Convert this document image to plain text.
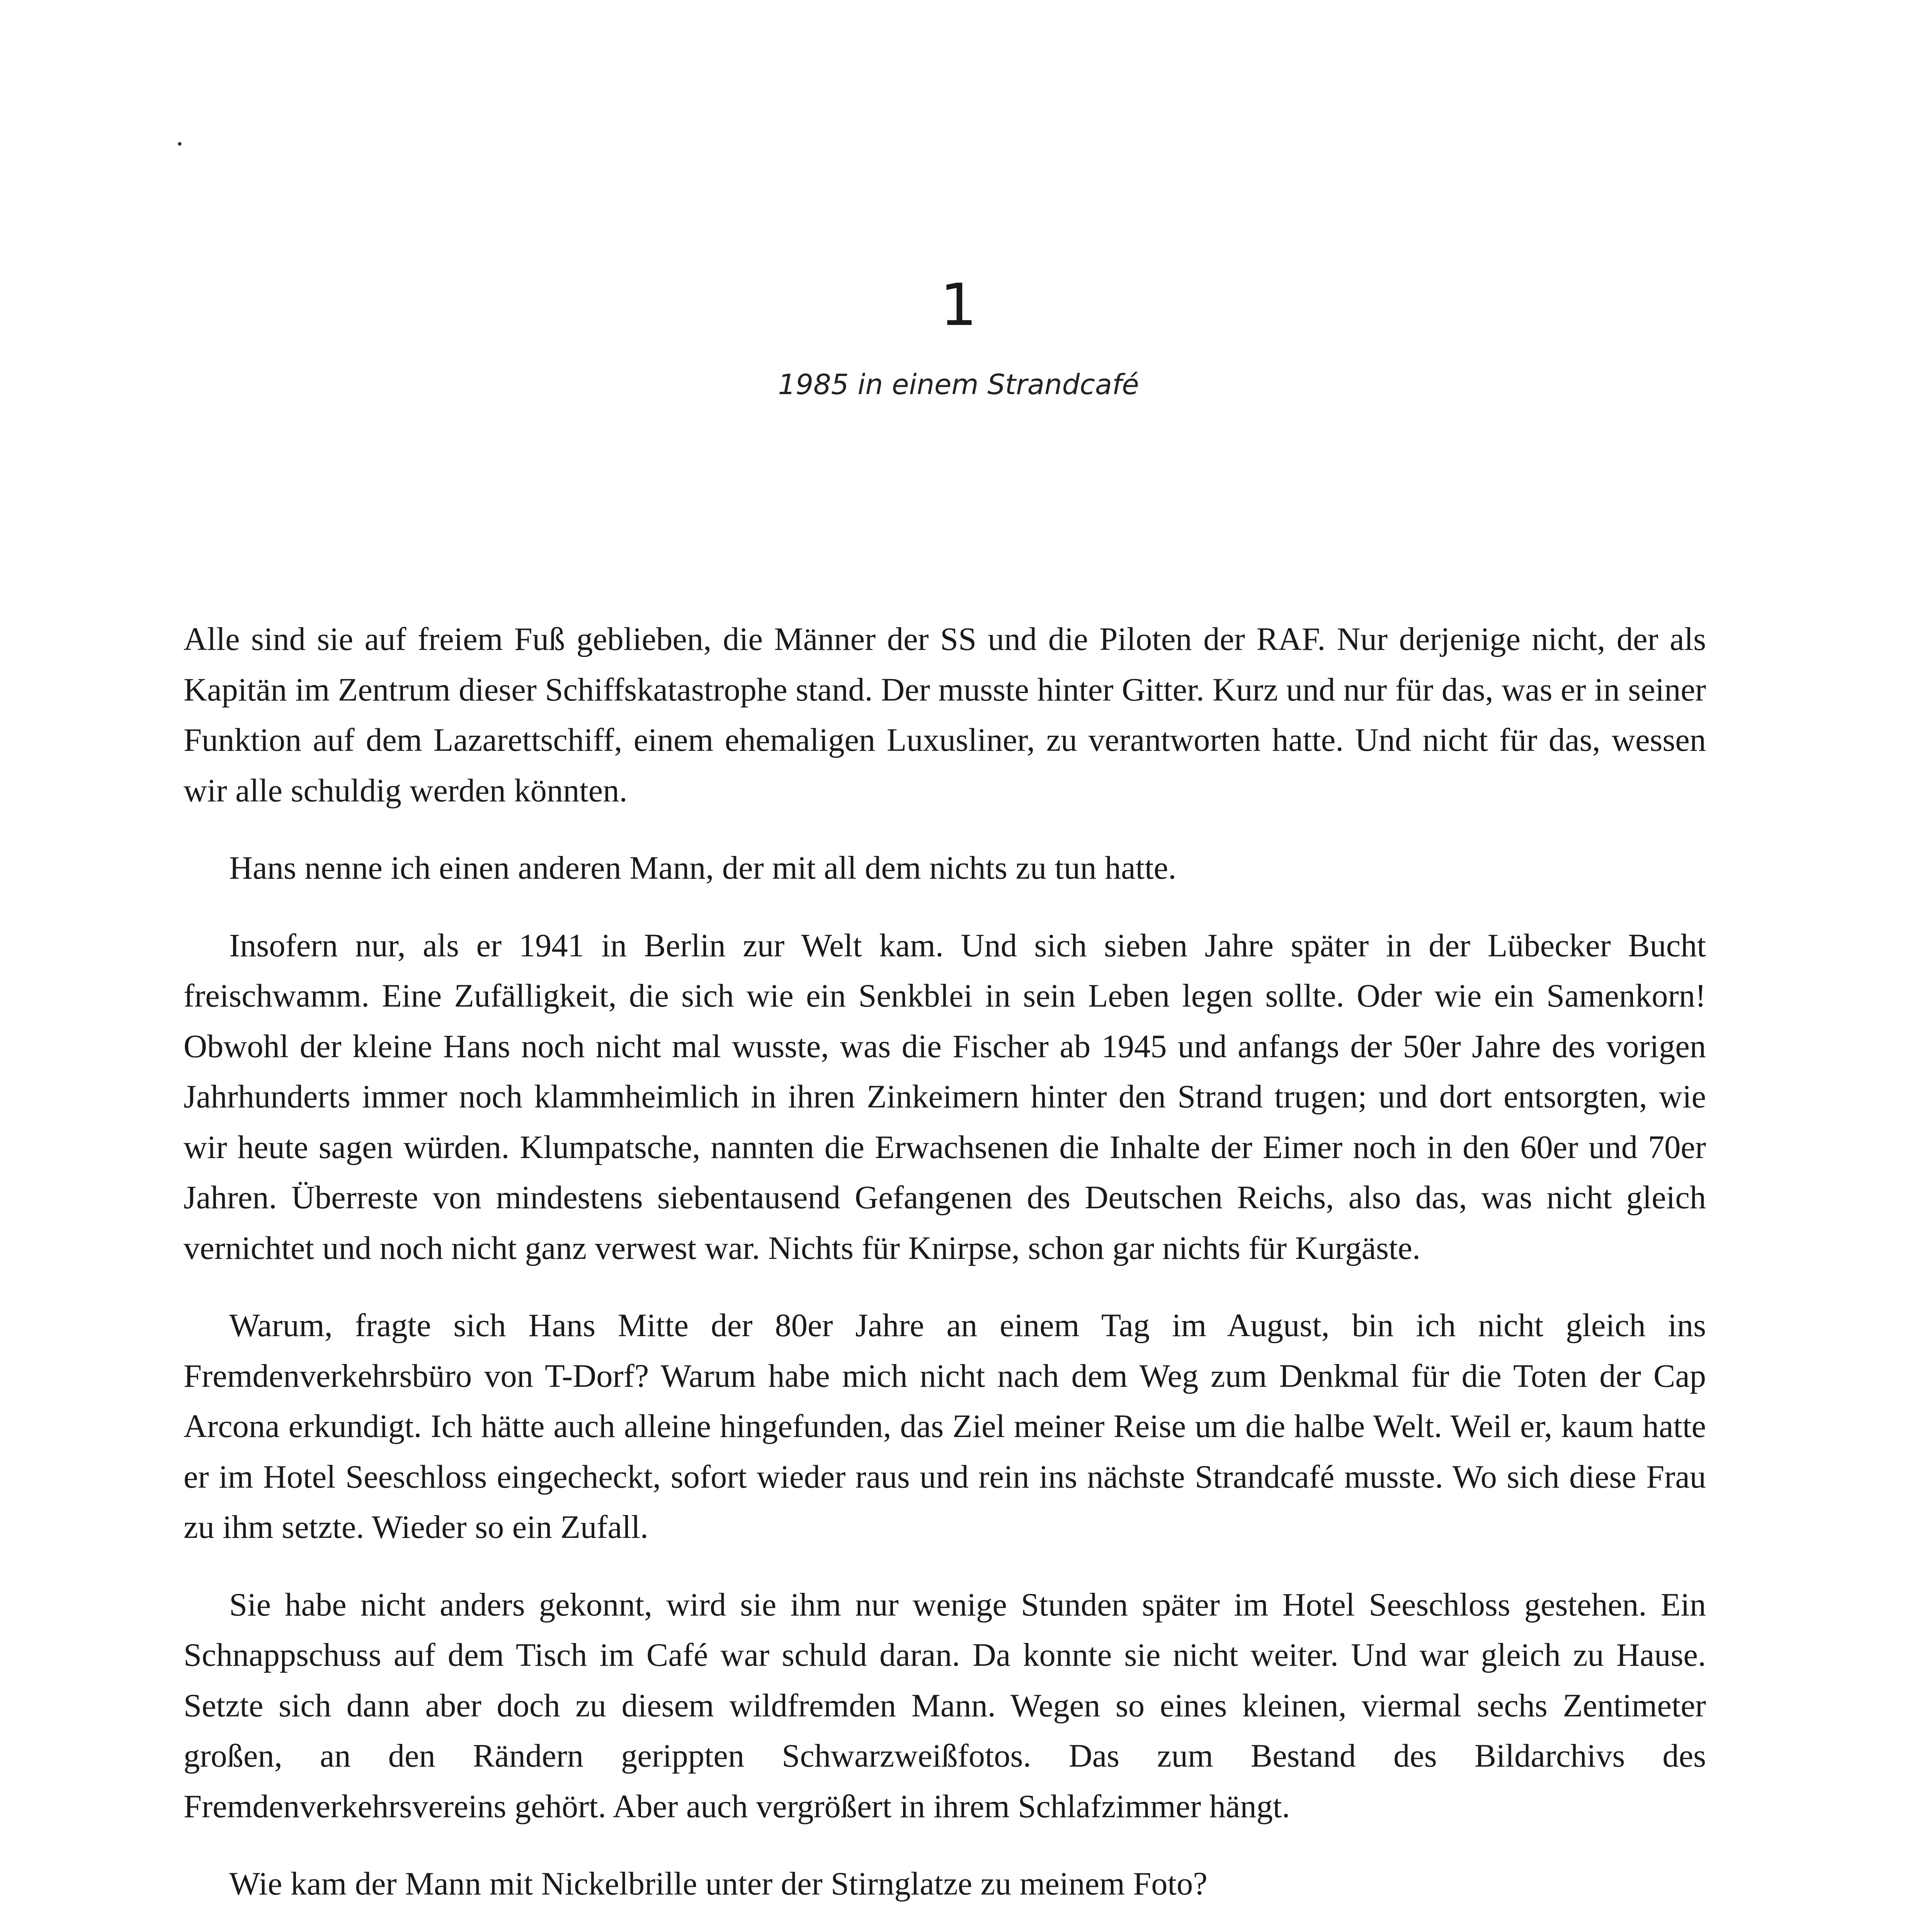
.
1
1985 in einem Strandcafé

Alle sind sie auf freiem Fuß geblieben, die Männer der SS und die Piloten der RAF. Nur derjenige nicht, der als Kapitän im Zentrum dieser Schiffskatastrophe stand. Der musste hinter Gitter. Kurz und nur für das, was er in seiner Funktion auf dem Lazarettschiff, einem ehemaligen Luxusliner, zu verantworten hatte. Und nicht für das, wessen wir alle schuldig werden könnten.

Hans nenne ich einen anderen Mann, der mit all dem nichts zu tun hatte.

Insofern nur, als er 1941 in Berlin zur Welt kam. Und sich sieben Jahre später in der Lübecker Bucht freischwamm. Eine Zufälligkeit, die sich wie ein Senkblei in sein Leben legen sollte. Oder wie ein Samenkorn! Obwohl der kleine Hans noch nicht mal wusste, was die Fischer ab 1945 und anfangs der 50er Jahre des vorigen Jahrhunderts immer noch klammheimlich in ihren Zinkeimern hinter den Strand trugen; und dort entsorgten, wie wir heute sagen würden. Klumpatsche, nannten die Erwachsenen die Inhalte der Eimer noch in den 60er und 70er Jahren. Überreste von mindestens siebentausend Gefangenen des Deutschen Reichs, also das, was nicht gleich vernichtet und noch nicht ganz verwest war. Nichts für Knirpse, schon gar nichts für Kurgäste.

Warum, fragte sich Hans Mitte der 80er Jahre an einem Tag im August, bin ich nicht gleich ins Fremdenverkehrsbüro von T-Dorf? Warum habe mich nicht nach dem Weg zum Denkmal für die Toten der Cap Arcona erkundigt. Ich hätte auch alleine hingefunden, das Ziel meiner Reise um die halbe Welt. Weil er, kaum hatte er im Hotel Seeschloss eingecheckt, sofort wieder raus und rein ins nächste Strandcafé musste. Wo sich diese Frau zu ihm setzte. Wieder so ein Zufall.

Sie habe nicht anders gekonnt, wird sie ihm nur wenige Stunden später im Hotel Seeschloss gestehen. Ein Schnappschuss auf dem Tisch im Café war schuld daran. Da konnte sie nicht weiter. Und war gleich zu Hause. Setzte sich dann aber doch zu diesem wildfremden Mann. Wegen so eines kleinen, viermal sechs Zentimeter großen, an den Rändern gerippten Schwarzweißfotos. Das zum Bestand des Bildarchivs des Fremdenverkehrsvereins gehört. Aber auch vergrößert in ihrem Schlafzimmer hängt.

Wie kam der Mann mit Nickelbrille unter der Stirnglatze zu meinem Foto?
